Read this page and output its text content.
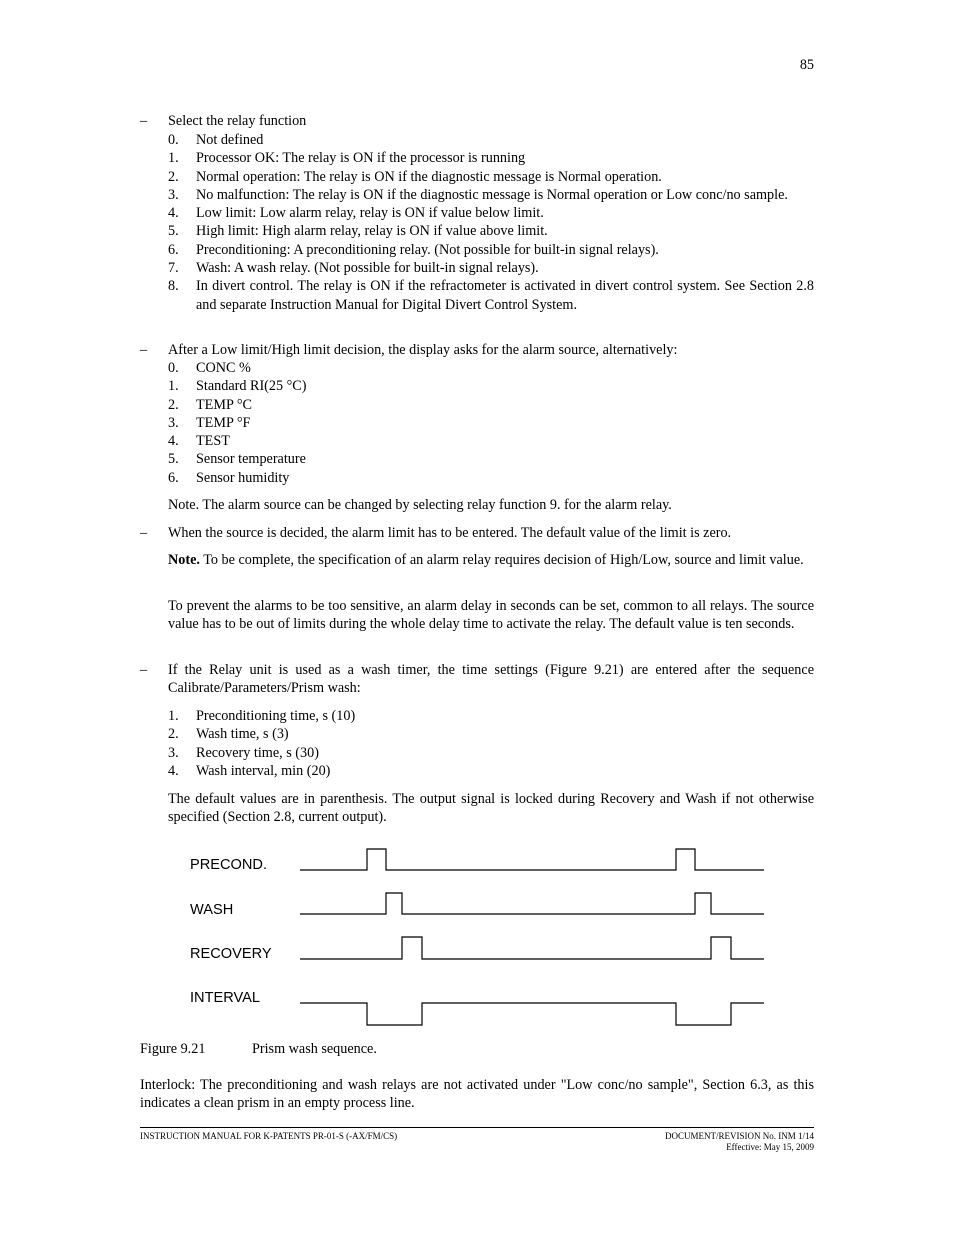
85
– Select the relay function
0. Not defined
1. Processor OK: The relay is ON if the processor is running
2. Normal operation: The relay is ON if the diagnostic message is Normal operation.
3. No malfunction: The relay is ON if the diagnostic message is Normal operation or Low conc/no sample.
4. Low limit: Low alarm relay, relay is ON if value below limit.
5. High limit: High alarm relay, relay is ON if value above limit.
6. Preconditioning: A preconditioning relay. (Not possible for built-in signal relays).
7. Wash: A wash relay. (Not possible for built-in signal relays).
8. In divert control. The relay is ON if the refractometer is activated in divert control system. See Section 2.8 and separate Instruction Manual for Digital Divert Control System.
– After a Low limit/High limit decision, the display asks for the alarm source, alternatively:
0. CONC %
1. Standard RI(25 °C)
2. TEMP °C
3. TEMP °F
4. TEST
5. Sensor temperature
6. Sensor humidity

Note. The alarm source can be changed by selecting relay function 9. for the alarm relay.

– When the source is decided, the alarm limit has to be entered. The default value of the limit is zero.

Note. To be complete, the specification of an alarm relay requires decision of High/Low, source and limit value.

To prevent the alarms to be too sensitive, an alarm delay in seconds can be set, common to all relays. The source value has to be out of limits during the whole delay time to activate the relay. The default value is ten seconds.

– If the Relay unit is used as a wash timer, the time settings (Figure 9.21) are entered after the sequence Calibrate/Parameters/Prism wash:
1. Preconditioning time, s (10)
2. Wash time, s (3)
3. Recovery time, s (30)
4. Wash interval, min (20)

The default values are in parenthesis. The output signal is locked during Recovery and Wash if not otherwise specified (Section 2.8, current output).

PRECOND.
WASH
RECOVERY
INTERVAL
Figure 9.21	Prism wash sequence.

Interlock: The preconditioning and wash relays are not activated under "Low conc/no sample", Section 6.3, as this indicates a clean prism in an empty process line.

INSTRUCTION MANUAL FOR K-PATENTS PR-01-S (-AX/FM/CS)	DOCUMENT/REVISION No. INM 1/14
Effective: May 15, 2009
